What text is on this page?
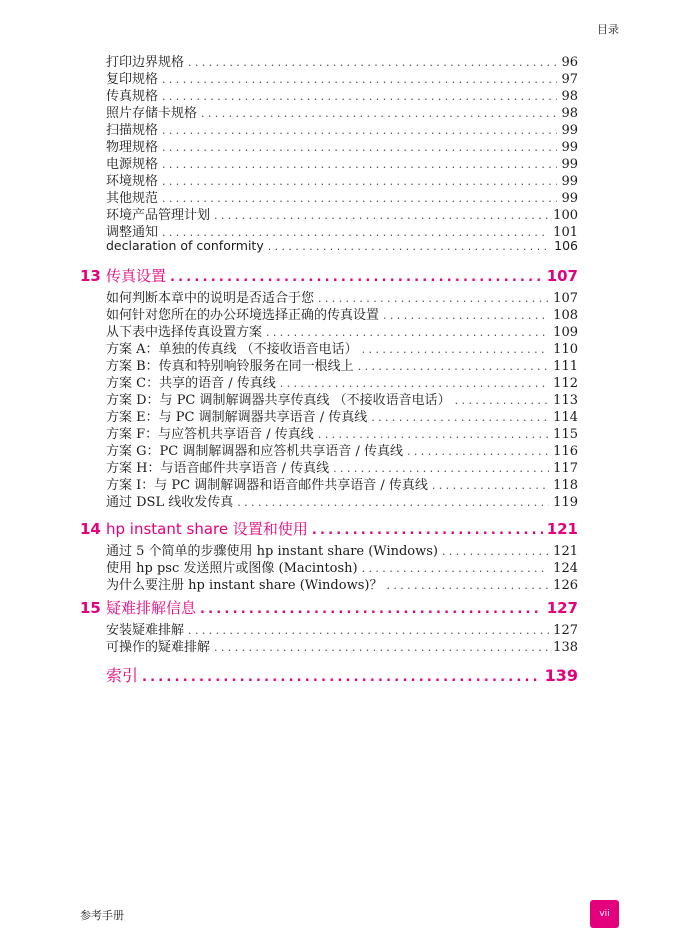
目录
打印边界规格 .....	96
复印规格 .....	97
传真规格 .....	98
照片存储卡规格 .....	98
扫描规格 .....	99
物理规格 .....	99
电源规格 .....	99
环境规格 .....	99
其他规范 .....	99
环境产品管理计划 .....	100
调整通知 .....	101
declaration of conformity .....	106
13 传真设置 .....	107
如何判断本章中的说明是否适合于您 .....	107
如何针对您所在的办公环境选择正确的传真设置 .....	108
从下表中选择传真设置方案 .....	109
方案 A：单独的传真线 （不接收语音电话） .....	110
方案 B：传真和特别响铃服务在同一根线上 .....	111
方案 C：共享的语音 / 传真线 .....	112
方案 D：与 PC 调制解调器共享传真线 （不接收语音电话） .....	113
方案 E：与 PC 调制解调器共享语音 / 传真线 .....	114
方案 F：与应答机共享语音 / 传真线 .....	115
方案 G：PC 调制解调器和应答机共享语音 / 传真线 .....	116
方案 H：与语音邮件共享语音 / 传真线 .....	117
方案 I：与 PC 调制解调器和语音邮件共享语音 / 传真线 .....	118
通过 DSL 线收发传真 .....	119
14 hp instant share 设置和使用 .....	121
通过 5 个简单的步骤使用 hp instant share (Windows) .....	121
使用 hp psc 发送照片或图像 (Macintosh) .....	124
为什么要注册 hp instant share (Windows)？ .....	126
15 疑难排解信息 .....	127
安装疑难排解 .....	127
可操作的疑难排解 .....	138
索引 .....	139
参考手册	vii
